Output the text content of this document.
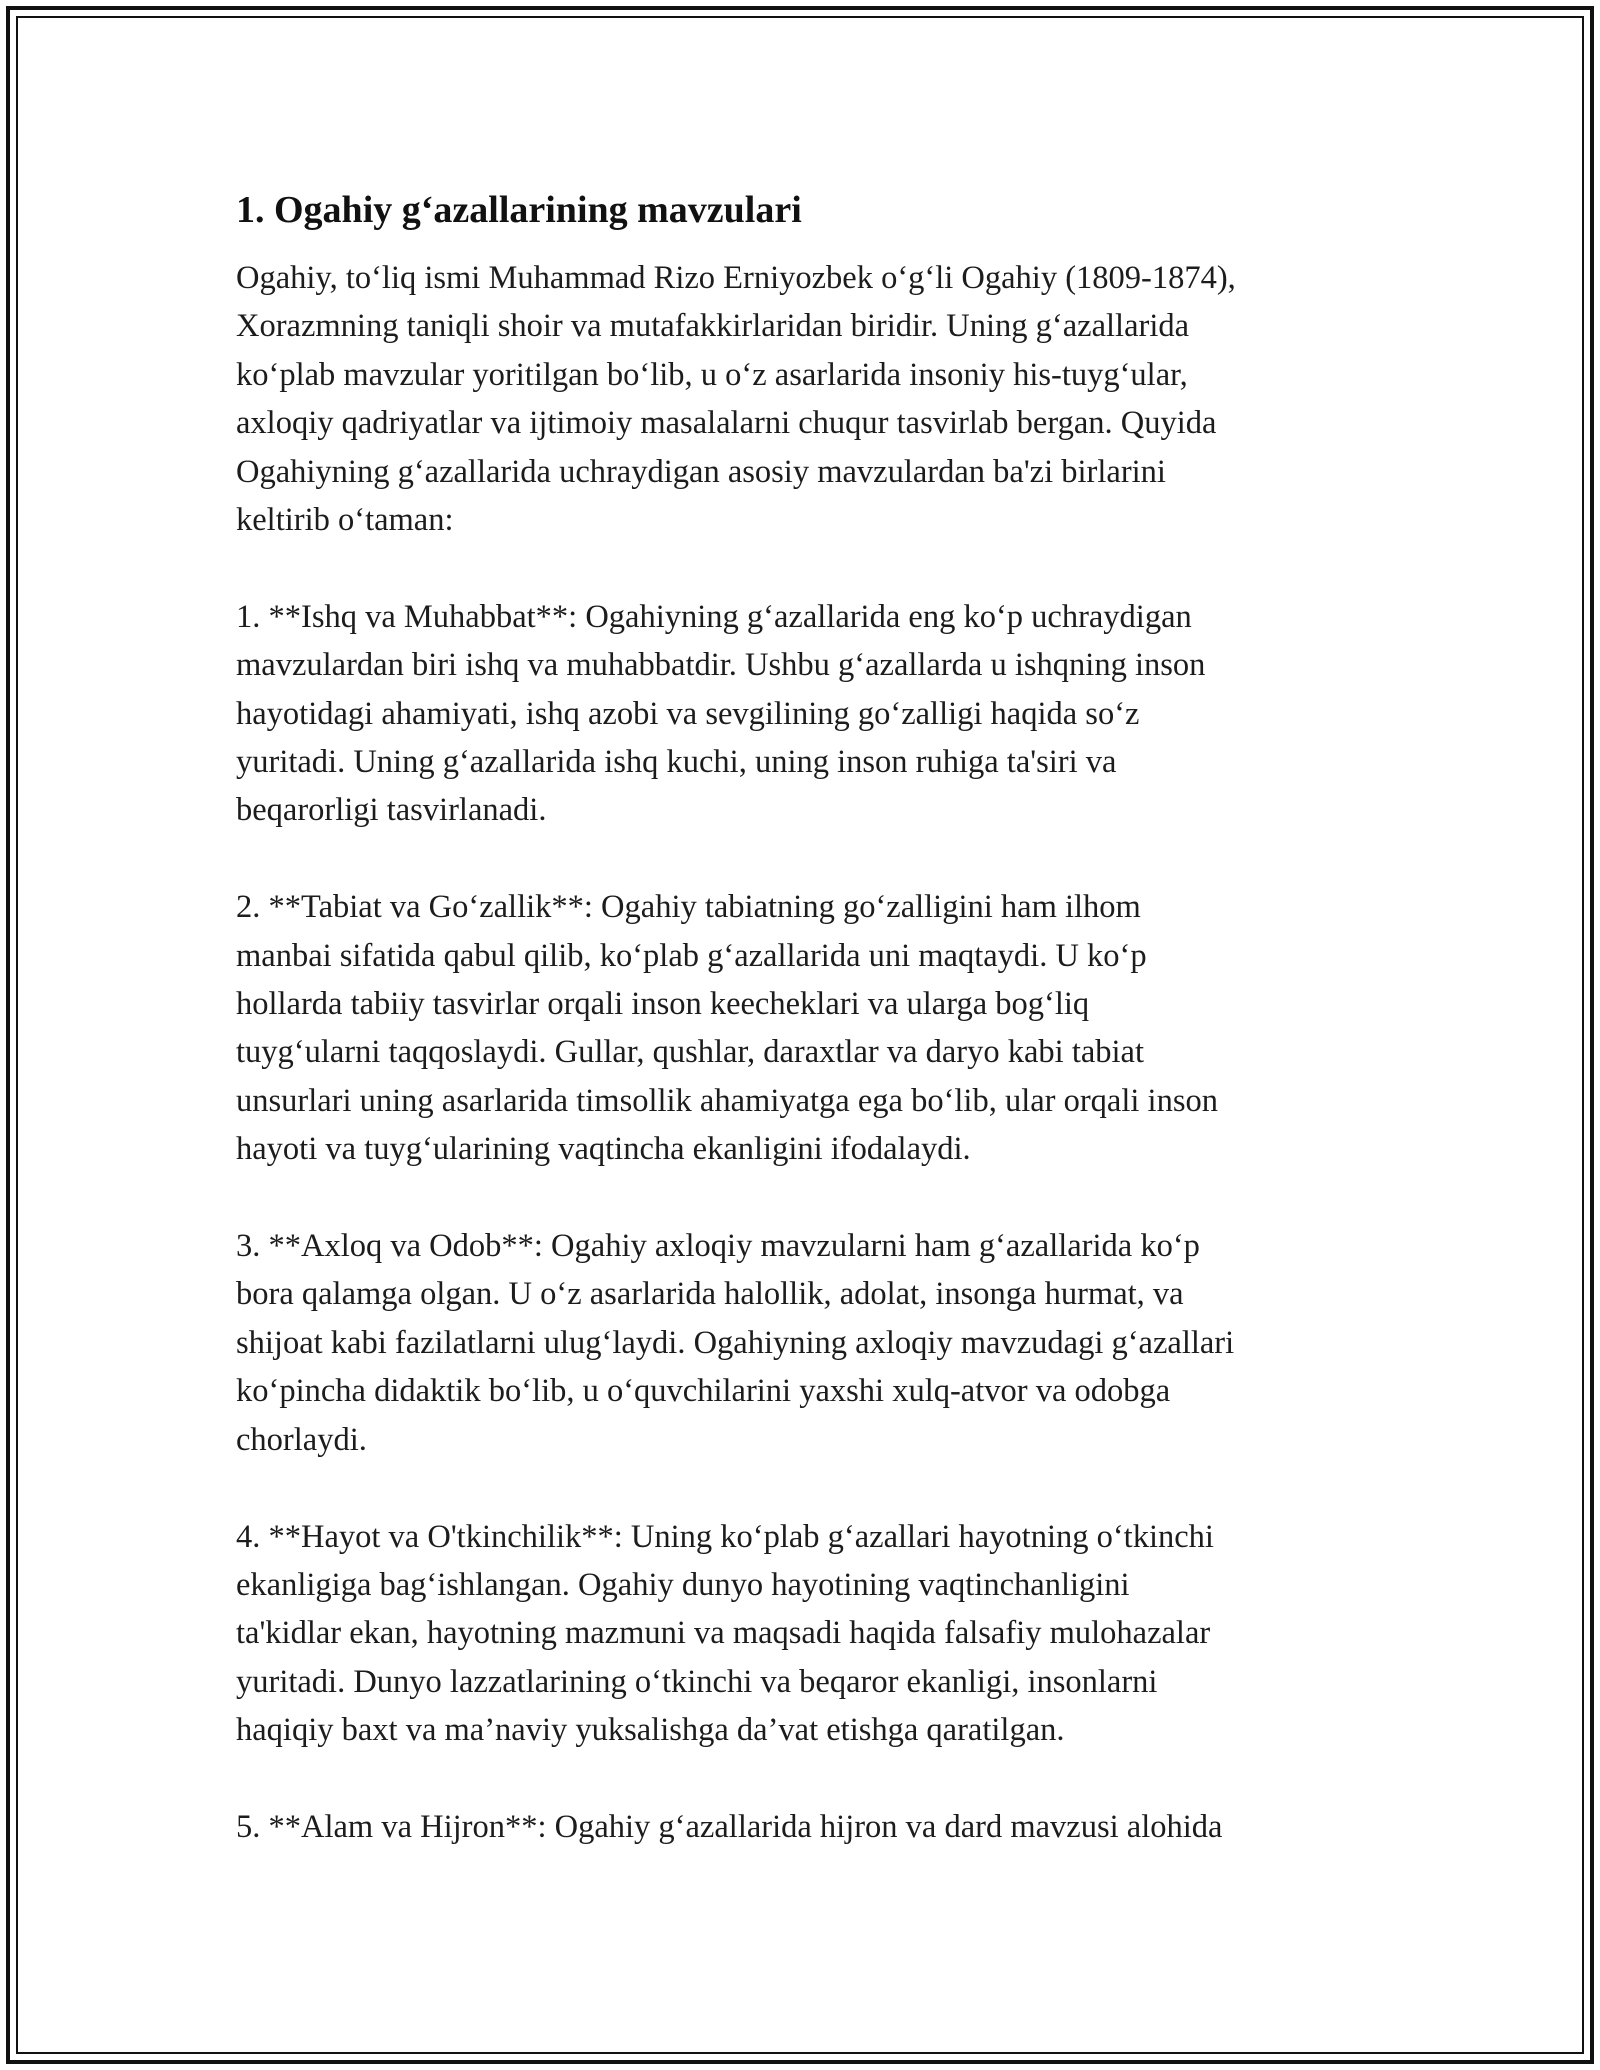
1. Ogahiy g‘azallarining mavzulari
Ogahiy, to‘liq ismi Muhammad Rizo Erniyozbek o‘g‘li Ogahiy (1809-1874),
Xorazmning taniqli shoir va mutafakkirlaridan biridir. Uning g‘azallarida
ko‘plab mavzular yoritilgan bo‘lib, u o‘z asarlarida insoniy his-tuyg‘ular,
axloqiy qadriyatlar va ijtimoiy masalalarni chuqur tasvirlab bergan. Quyida
Ogahiyning g‘azallarida uchraydigan asosiy mavzulardan ba'zi birlarini
keltirib o‘taman:
1. **Ishq va Muhabbat**: Ogahiyning g‘azallarida eng ko‘p uchraydigan
mavzulardan biri ishq va muhabbatdir. Ushbu g‘azallarda u ishqning inson
hayotidagi ahamiyati, ishq azobi va sevgilining go‘zalligi haqida so‘z
yuritadi. Uning g‘azallarida ishq kuchi, uning inson ruhiga ta'siri va
beqarorligi tasvirlanadi.
2. **Tabiat va Go‘zallik**: Ogahiy tabiatning go‘zalligini ham ilhom
manbai sifatida qabul qilib, ko‘plab g‘azallarida uni maqtaydi. U ko‘p
hollarda tabiiy tasvirlar orqali inson keecheklari va ularga bog‘liq
tuyg‘ularni taqqoslaydi. Gullar, qushlar, daraxtlar va daryo kabi tabiat
unsurlari uning asarlarida timsollik ahamiyatga ega bo‘lib, ular orqali inson
hayoti va tuyg‘ularining vaqtincha ekanligini ifodalaydi.
3. **Axloq va Odob**: Ogahiy axloqiy mavzularni ham g‘azallarida ko‘p
bora qalamga olgan. U o‘z asarlarida halollik, adolat, insonga hurmat, va
shijoat kabi fazilatlarni ulug‘laydi. Ogahiyning axloqiy mavzudagi g‘azallari
ko‘pincha didaktik bo‘lib, u o‘quvchilarini yaxshi xulq-atvor va odobga
chorlaydi.
4. **Hayot va O'tkinchilik**: Uning ko‘plab g‘azallari hayotning o‘tkinchi
ekanligiga bag‘ishlangan. Ogahiy dunyo hayotining vaqtinchanligini
ta'kidlar ekan, hayotning mazmuni va maqsadi haqida falsafiy mulohazalar
yuritadi. Dunyo lazzatlarining o‘tkinchi va beqaror ekanligi, insonlarni
haqiqiy baxt va ma’naviy yuksalishga da’vat etishga qaratilgan.
5. **Alam va Hijron**: Ogahiy g‘azallarida hijron va dard mavzusi alohida
